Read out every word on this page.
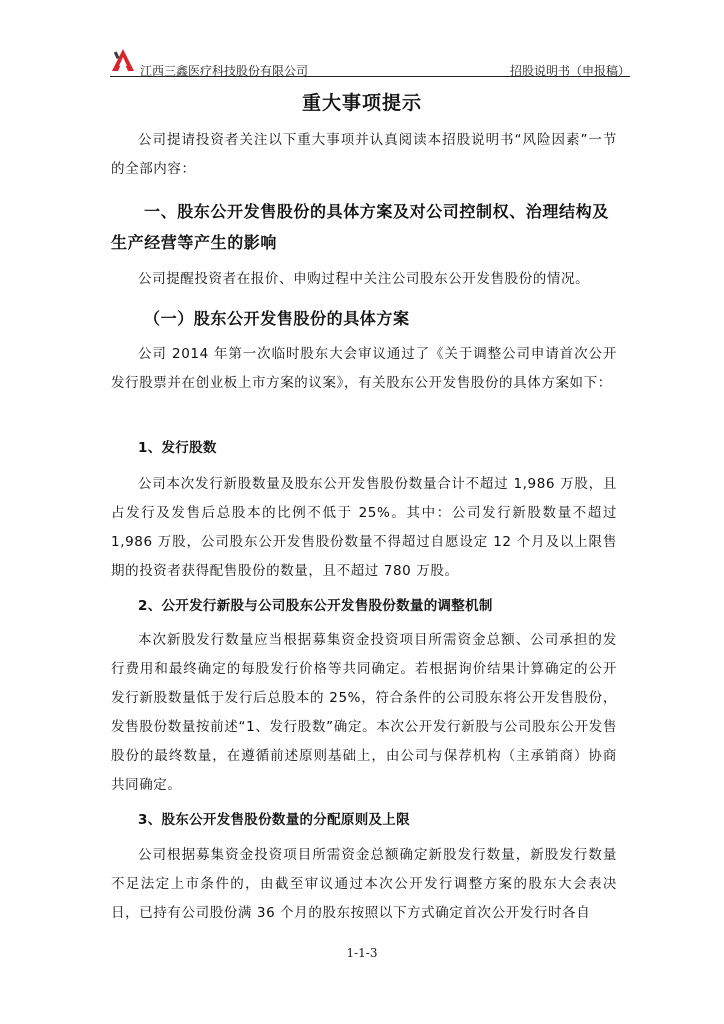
江西三鑫医疗科技股份有限公司	招股说明书（申报稿）
重大事项提示

公司提请投资者关注以下重大事项并认真阅读本招股说明书“风险因素”一节的全部内容：

一、股东公开发售股份的具体方案及对公司控制权、治理结构及生产经营等产生的影响

公司提醒投资者在报价、申购过程中关注公司股东公开发售股份的情况。

（一）股东公开发售股份的具体方案

公司 2014 年第一次临时股东大会审议通过了《关于调整公司申请首次公开发行股票并在创业板上市方案的议案》，有关股东公开发售股份的具体方案如下：

1、发行股数

公司本次发行新股数量及股东公开发售股份数量合计不超过 1,986 万股，且占发行及发售后总股本的比例不低于 25%。其中：公司发行新股数量不超过1,986 万股，公司股东公开发售股份数量不得超过自愿设定 12 个月及以上限售期的投资者获得配售股份的数量，且不超过 780 万股。

2、公开发行新股与公司股东公开发售股份数量的调整机制

本次新股发行数量应当根据募集资金投资项目所需资金总额、公司承担的发行费用和最终确定的每股发行价格等共同确定。若根据询价结果计算确定的公开发行新股数量低于发行后总股本的 25%，符合条件的公司股东将公开发售股份，发售股份数量按前述“1、发行股数”确定。本次公开发行新股与公司股东公开发售股份的最终数量，在遵循前述原则基础上，由公司与保荐机构（主承销商）协商共同确定。

3、股东公开发售股份数量的分配原则及上限

公司根据募集资金投资项目所需资金总额确定新股发行数量，新股发行数量不足法定上市条件的，由截至审议通过本次公开发行调整方案的股东大会表决日，已持有公司股份满 36 个月的股东按照以下方式确定首次公开发行时各自

1-1-3
